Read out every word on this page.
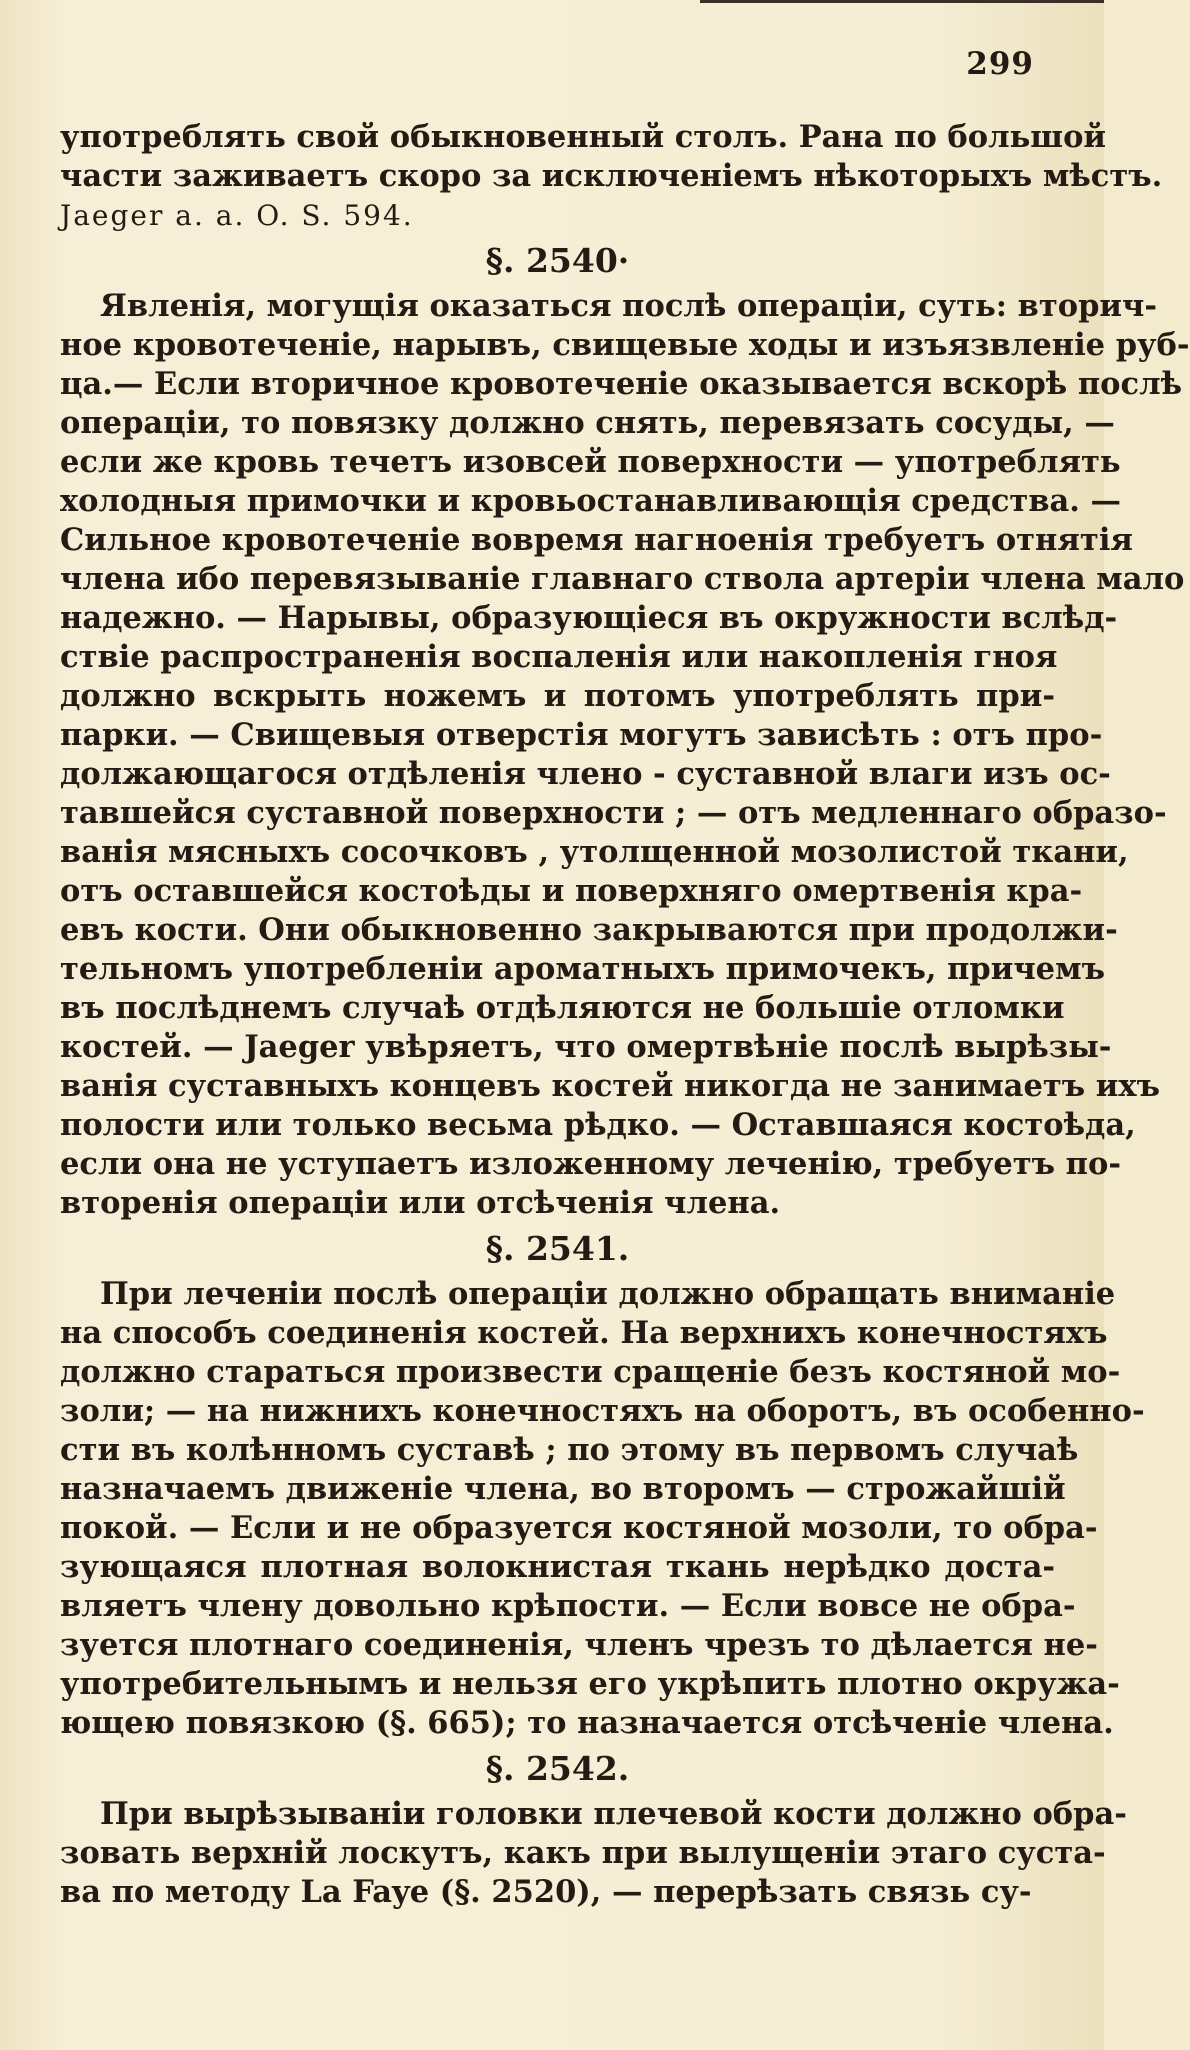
299
употреблять свой обыкновенный столъ. Рана по большой
части заживаетъ скоро за исключеніемъ нѣкоторыхъ мѣстъ.
Jaeger a. a. O. S. 594.
§. 2540·
Явленія, могущія оказаться послѣ операціи, суть: вторич-
ное кровотеченіе, нарывъ, свищевые ходы и изъязвленіе руб-
ца.— Если вторичное кровотеченіе оказывается вскорѣ послѣ
операціи, то повязку должно снять, перевязать сосуды, —
если же кровь течетъ изовсей поверхности — употреблять
холодныя примочки и кровьостанавливающія средства. —
Сильное кровотеченіе вовремя нагноенія требуетъ отнятія
члена ибо перевязываніе главнаго ствола артеріи члена мало
надежно. — Нарывы, образующіеся въ окружности вслѣд-
ствіе распространенія воспаленія или накопленія гноя
должно вскрыть ножемъ и потомъ употреблять при-
парки. — Свищевыя отверстія могутъ зависѣть : отъ про-
должающагося отдѣленія члено - суставной влаги изъ ос-
тавшейся суставной поверхности ; — отъ медленнаго образо-
ванія мясныхъ сосочковъ , утолщенной мозолистой ткани,
отъ оставшейся костоѣды и поверхняго омертвенія кра-
евъ кости. Они обыкновенно закрываются при продолжи-
тельномъ употребленіи ароматныхъ примочекъ, причемъ
въ послѣднемъ случаѣ отдѣляются не большіе отломки
костей. — Jaeger увѣряетъ, что омертвѣніе послѣ вырѣзы-
ванія суставныхъ концевъ костей никогда не занимаетъ ихъ
полости или только весьма рѣдко. — Оставшаяся костоѣда,
если она не уступаетъ изложенному леченію, требуетъ по-
вторенія операціи или отсѣченія члена.
§. 2541.
При леченіи послѣ операціи должно обращать вниманіе
на способъ соединенія костей. На верхнихъ конечностяхъ
должно стараться произвести сращеніе безъ костяной мо-
золи; — на нижнихъ конечностяхъ на оборотъ, въ особенно-
сти въ колѣнномъ суставѣ ; по этому въ первомъ случаѣ
назначаемъ движеніе члена, во второмъ — строжайшій
покой. — Если и не образуется костяной мозоли, то обра-
зующаяся плотная волокнистая ткань нерѣдко доста-
вляетъ члену довольно крѣпости. — Если вовсе не обра-
зуется плотнаго соединенія, членъ чрезъ то дѣлается не-
употребительнымъ и нельзя его укрѣпить плотно окружа-
ющею повязкою (§. 665); то назначается отсѣченіе члена.
§. 2542.
При вырѣзываніи головки плечевой кости должно обра-
зовать верхній лоскутъ, какъ при вылущеніи этаго суста-
ва по методу La Faye (§. 2520), — перерѣзать связь су-
